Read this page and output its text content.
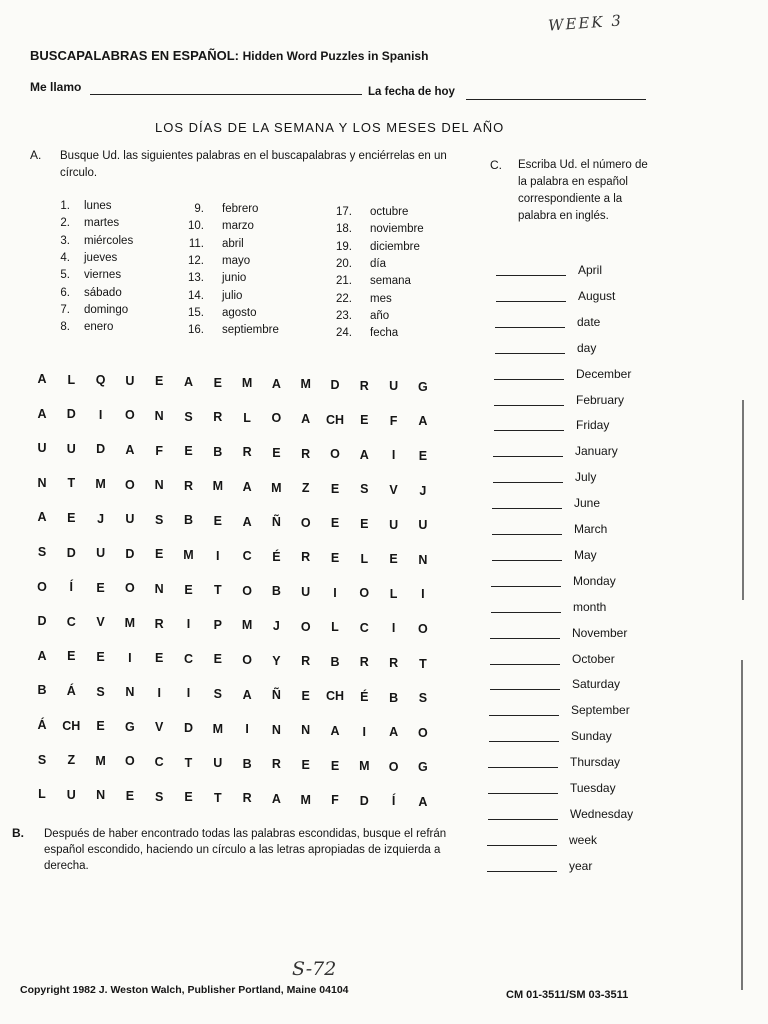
WEEK 3
S-72
BUSCAPALABRAS EN ESPAÑOL: Hidden Word Puzzles in Spanish
Me llamo	La fecha de hoy
LOS DÍAS DE LA SEMANA Y LOS MESES DEL AÑO
A. Busque Ud. las siguientes palabras en el buscapalabras y enciérrelas en un círculo.
1. lunes
2. martes
3. miércoles
4. jueves
5. viernes
6. sábado
7. domingo
8. enero
9. febrero
10. marzo
11. abril
12. mayo
13. junio
14. julio
15. agosto
16. septiembre
17. octubre
18. noviembre
19. diciembre
20. día
21. semana
22. mes
23. año
24. fecha
C. Escriba Ud. el número de la palabra en español correspondiente a la palabra en inglés.
April
August
date
day
December
February
Friday
January
July
June
March
May
Monday
month
November
October
Saturday
September
Sunday
Thursday
Tuesday
Wednesday
week
year
A	L	Q	U	E	A	E	M	A	M	D	R	U	G
A	D	I	O	N	S	R	L	O	A	CH	E	F	A
U	U	D	A	F	E	B	R	E	R	O	A	I	E
N	T	M	O	N	R	M	A	M	Z	E	S	V	J
A	E	J	U	S	B	E	A	Ñ	O	E	E	U	U
S	D	U	D	E	M	I	C	É	R	E	L	E	N
O	Í	E	O	N	E	T	O	B	U	I	O	L	I
D	C	V	M	R	I	P	M	J	O	L	C	I	O
A	E	E	I	E	C	E	O	Y	R	B	R	R	T
B	Á	S	N	I	I	S	A	Ñ	E	CH	É	B	S
Á	CH	E	G	V	D	M	I	N	N	A	I	A	O
S	Z	M	O	C	T	U	B	R	E	E	M	O	G
L	U	N	E	S	E	T	R	A	M	F	D	Í	A
B. Después de haber encontrado todas las palabras escondidas, busque el refrán español escondido, haciendo un círculo a las letras apropiadas de izquierda a derecha.
Copyright 1982 J. Weston Walch, Publisher Portland, Maine 04104	CM 01-3511/SM 03-3511
